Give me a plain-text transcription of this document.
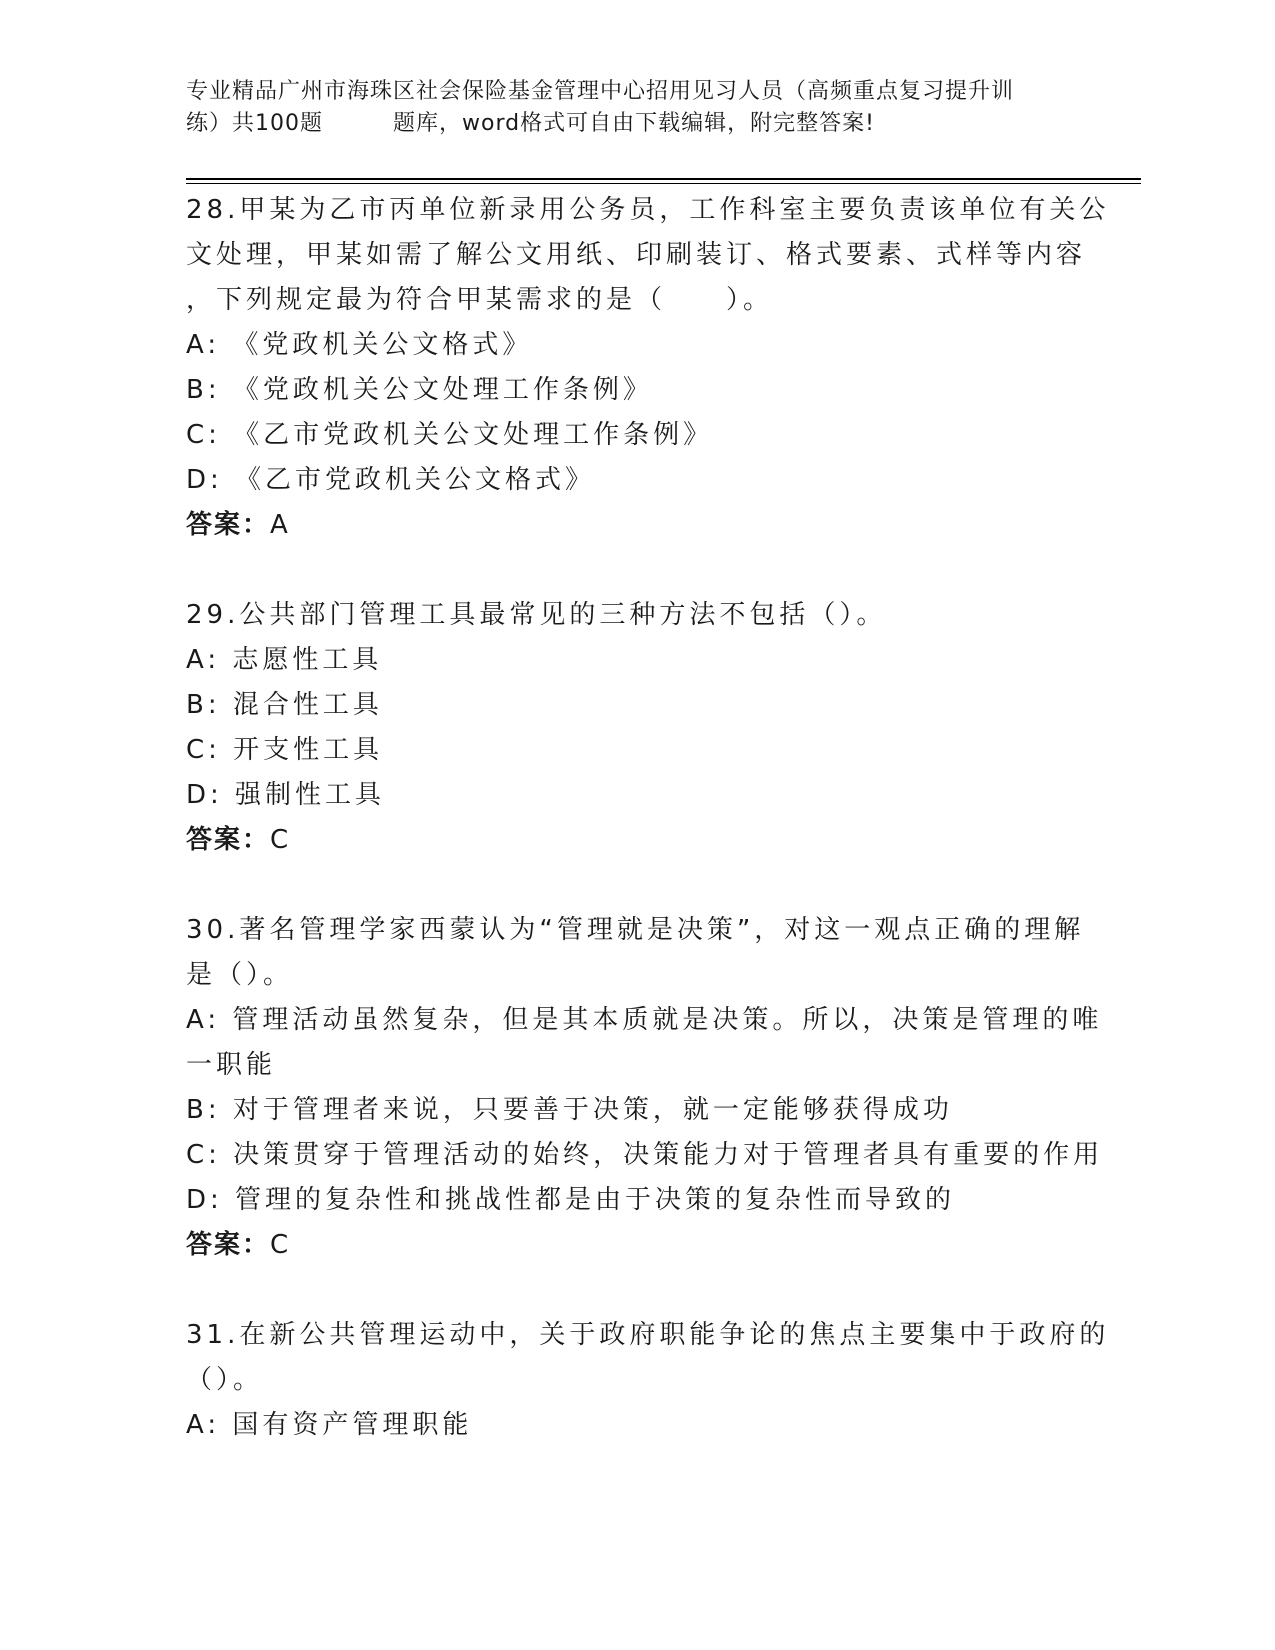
专业精品广州市海珠区社会保险基金管理中心招用见习人员（高频重点复习提升训
练）共100题	题库，word格式可自由下载编辑，附完整答案!
28.甲某为乙市丙单位新录用公务员，工作科室主要负责该单位有关公
文处理，甲某如需了解公文用纸、印刷装订、格式要素、式样等内容
，下列规定最为符合甲某需求的是（　　）。
A: 《党政机关公文格式》
B: 《党政机关公文处理工作条例》
C: 《乙市党政机关公文处理工作条例》
D: 《乙市党政机关公文格式》
答案：A
29.公共部门管理工具最常见的三种方法不包括（）。
A: 志愿性工具
B: 混合性工具
C: 开支性工具
D: 强制性工具
答案：C
30.著名管理学家西蒙认为“管理就是决策”，对这一观点正确的理解
是（）。
A: 管理活动虽然复杂，但是其本质就是决策。所以，决策是管理的唯
一职能
B: 对于管理者来说，只要善于决策，就一定能够获得成功
C: 决策贯穿于管理活动的始终，决策能力对于管理者具有重要的作用
D: 管理的复杂性和挑战性都是由于决策的复杂性而导致的
答案：C
31.在新公共管理运动中，关于政府职能争论的焦点主要集中于政府的
（）。
A: 国有资产管理职能
